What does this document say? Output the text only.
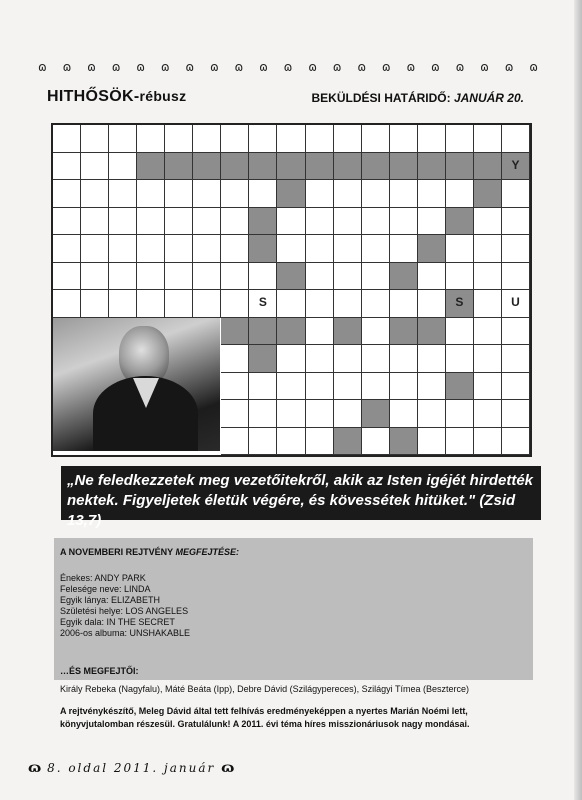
ɷ ɷ ɷ ɷ ɷ ɷ ɷ ɷ ɷ ɷ ɷ ɷ ɷ ɷ ɷ ɷ ɷ ɷ ɷ ɷ ɷ
HITHŐSÖK-rébusz	BEKÜLDÉSI HATÁRIDŐ: JANUÁR 20.
Y
S	S	U
„Ne feledkezzetek meg vezetőitekről, akik az Isten igéjét hirdették nektek. Figyeljetek életük végére, és kövessétek hitüket." (Zsid 13,7)
A NOVEMBERI REJTVÉNY MEGFEJTÉSE:
Énekes: ANDY PARK
Felesége neve: LINDA
Egyik lánya: ELIZABETH
Születési helye: LOS ANGELES
Egyik dala: IN THE SECRET
2006-os albuma: UNSHAKABLE
…ÉS MEGFEJTŐI:
Király Rebeka (Nagyfalu), Máté Beáta (Ipp), Debre Dávid (Szilágypereces), Szilágyi Tímea (Beszterce)
A rejtvénykészítő, Meleg Dávid által tett felhívás eredményeképpen a nyertes Marián Noémi lett, könyvjutalomban részesül. Gratulálunk! A 2011. évi téma híres misszionáriusok nagy mondásai.
ɷ 8. oldal 2011. január ɷ
